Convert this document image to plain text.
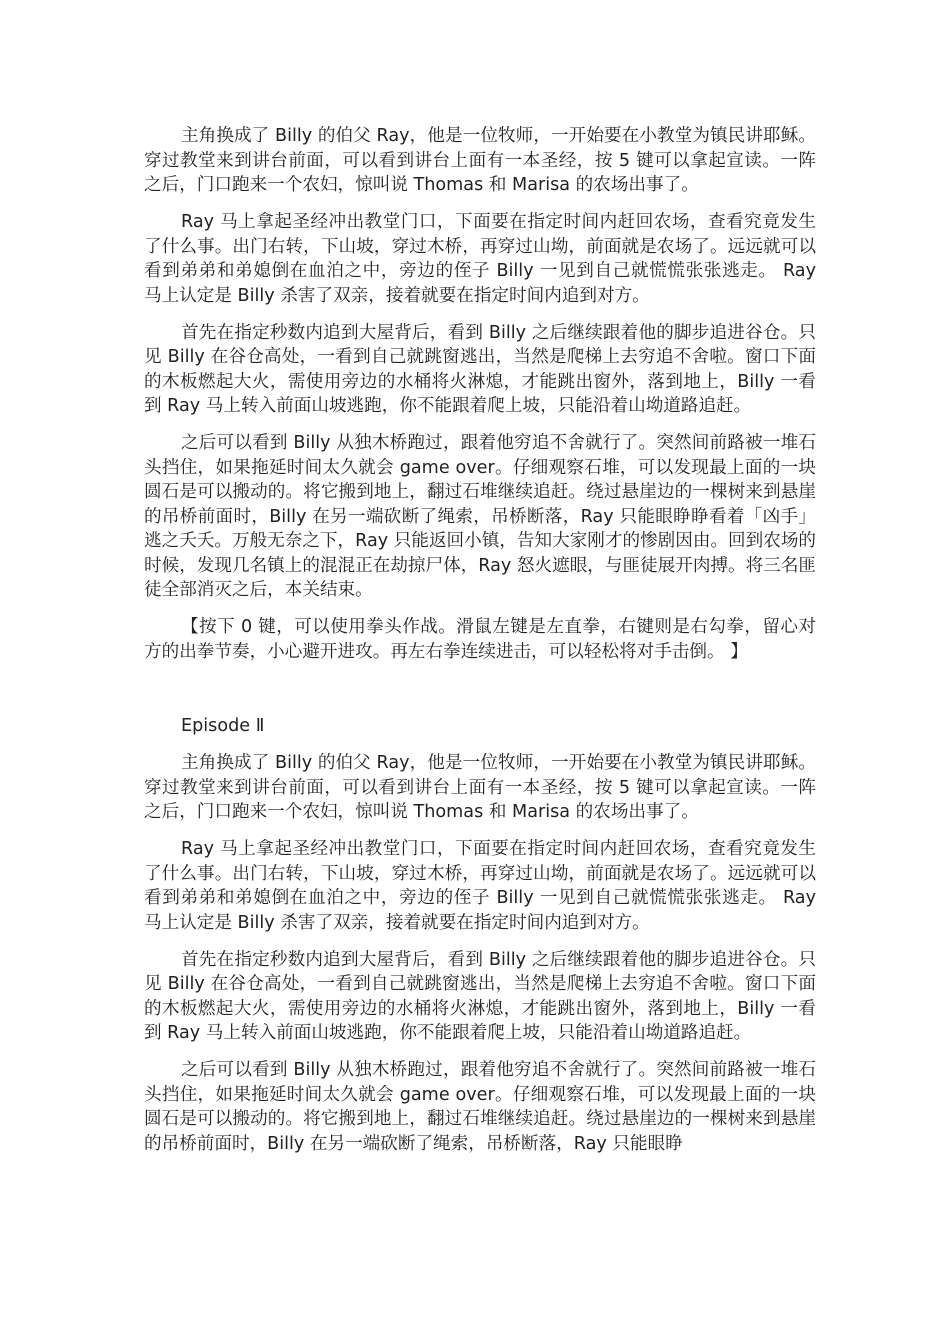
主角换成了 Billy 的伯父 Ray，他是一位牧师，一开始要在小教堂为镇民讲耶稣。穿过教堂来到讲台前面，可以看到讲台上面有一本圣经，按 5 键可以拿起宣读。一阵之后，门口跑来一个农妇，惊叫说 Thomas 和 Marisa 的农场出事了。

Ray 马上拿起圣经冲出教堂门口，下面要在指定时间内赶回农场，查看究竟发生了什么事。出门右转，下山坡，穿过木桥，再穿过山坳，前面就是农场了。远远就可以看到弟弟和弟媳倒在血泊之中，旁边的侄子 Billy 一见到自己就慌慌张张逃走。 Ray 马上认定是 Billy 杀害了双亲，接着就要在指定时间内追到对方。

首先在指定秒数内追到大屋背后，看到 Billy 之后继续跟着他的脚步追进谷仓。只见 Billy 在谷仓高处，一看到自己就跳窗逃出，当然是爬梯上去穷追不舍啦。窗口下面的木板燃起大火，需使用旁边的水桶将火淋熄，才能跳出窗外，落到地上，Billy 一看到 Ray 马上转入前面山坡逃跑，你不能跟着爬上坡，只能沿着山坳道路追赶。

之后可以看到 Billy 从独木桥跑过，跟着他穷追不舍就行了。突然间前路被一堆石头挡住，如果拖延时间太久就会 game over。仔细观察石堆，可以发现最上面的一块圆石是可以搬动的。将它搬到地上，翻过石堆继续追赶。绕过悬崖边的一棵树来到悬崖的吊桥前面时，Billy 在另一端砍断了绳索，吊桥断落，Ray 只能眼睁睁看着「凶手」逃之夭夭。万般无奈之下，Ray 只能返回小镇，告知大家刚才的惨剧因由。回到农场的时候，发现几名镇上的混混正在劫掠尸体，Ray 怒火遮眼，与匪徒展开肉搏。将三名匪徒全部消灭之后，本关结束。

【按下 0 键，可以使用拳头作战。滑鼠左键是左直拳，右键则是右勾拳，留心对方的出拳节奏，小心避开进攻。再左右拳连续进击，可以轻松将对手击倒。 】

Episode Ⅱ

主角换成了 Billy 的伯父 Ray，他是一位牧师，一开始要在小教堂为镇民讲耶稣。穿过教堂来到讲台前面，可以看到讲台上面有一本圣经，按 5 键可以拿起宣读。一阵之后，门口跑来一个农妇，惊叫说 Thomas 和 Marisa 的农场出事了。

Ray 马上拿起圣经冲出教堂门口，下面要在指定时间内赶回农场，查看究竟发生了什么事。出门右转，下山坡，穿过木桥，再穿过山坳，前面就是农场了。远远就可以看到弟弟和弟媳倒在血泊之中，旁边的侄子 Billy 一见到自己就慌慌张张逃走。 Ray 马上认定是 Billy 杀害了双亲，接着就要在指定时间内追到对方。

首先在指定秒数内追到大屋背后，看到 Billy 之后继续跟着他的脚步追进谷仓。只见 Billy 在谷仓高处，一看到自己就跳窗逃出，当然是爬梯上去穷追不舍啦。窗口下面的木板燃起大火，需使用旁边的水桶将火淋熄，才能跳出窗外，落到地上，Billy 一看到 Ray 马上转入前面山坡逃跑，你不能跟着爬上坡，只能沿着山坳道路追赶。

之后可以看到 Billy 从独木桥跑过，跟着他穷追不舍就行了。突然间前路被一堆石头挡住，如果拖延时间太久就会 game over。仔细观察石堆，可以发现最上面的一块圆石是可以搬动的。将它搬到地上，翻过石堆继续追赶。绕过悬崖边的一棵树来到悬崖的吊桥前面时，Billy 在另一端砍断了绳索，吊桥断落，Ray 只能眼睁
